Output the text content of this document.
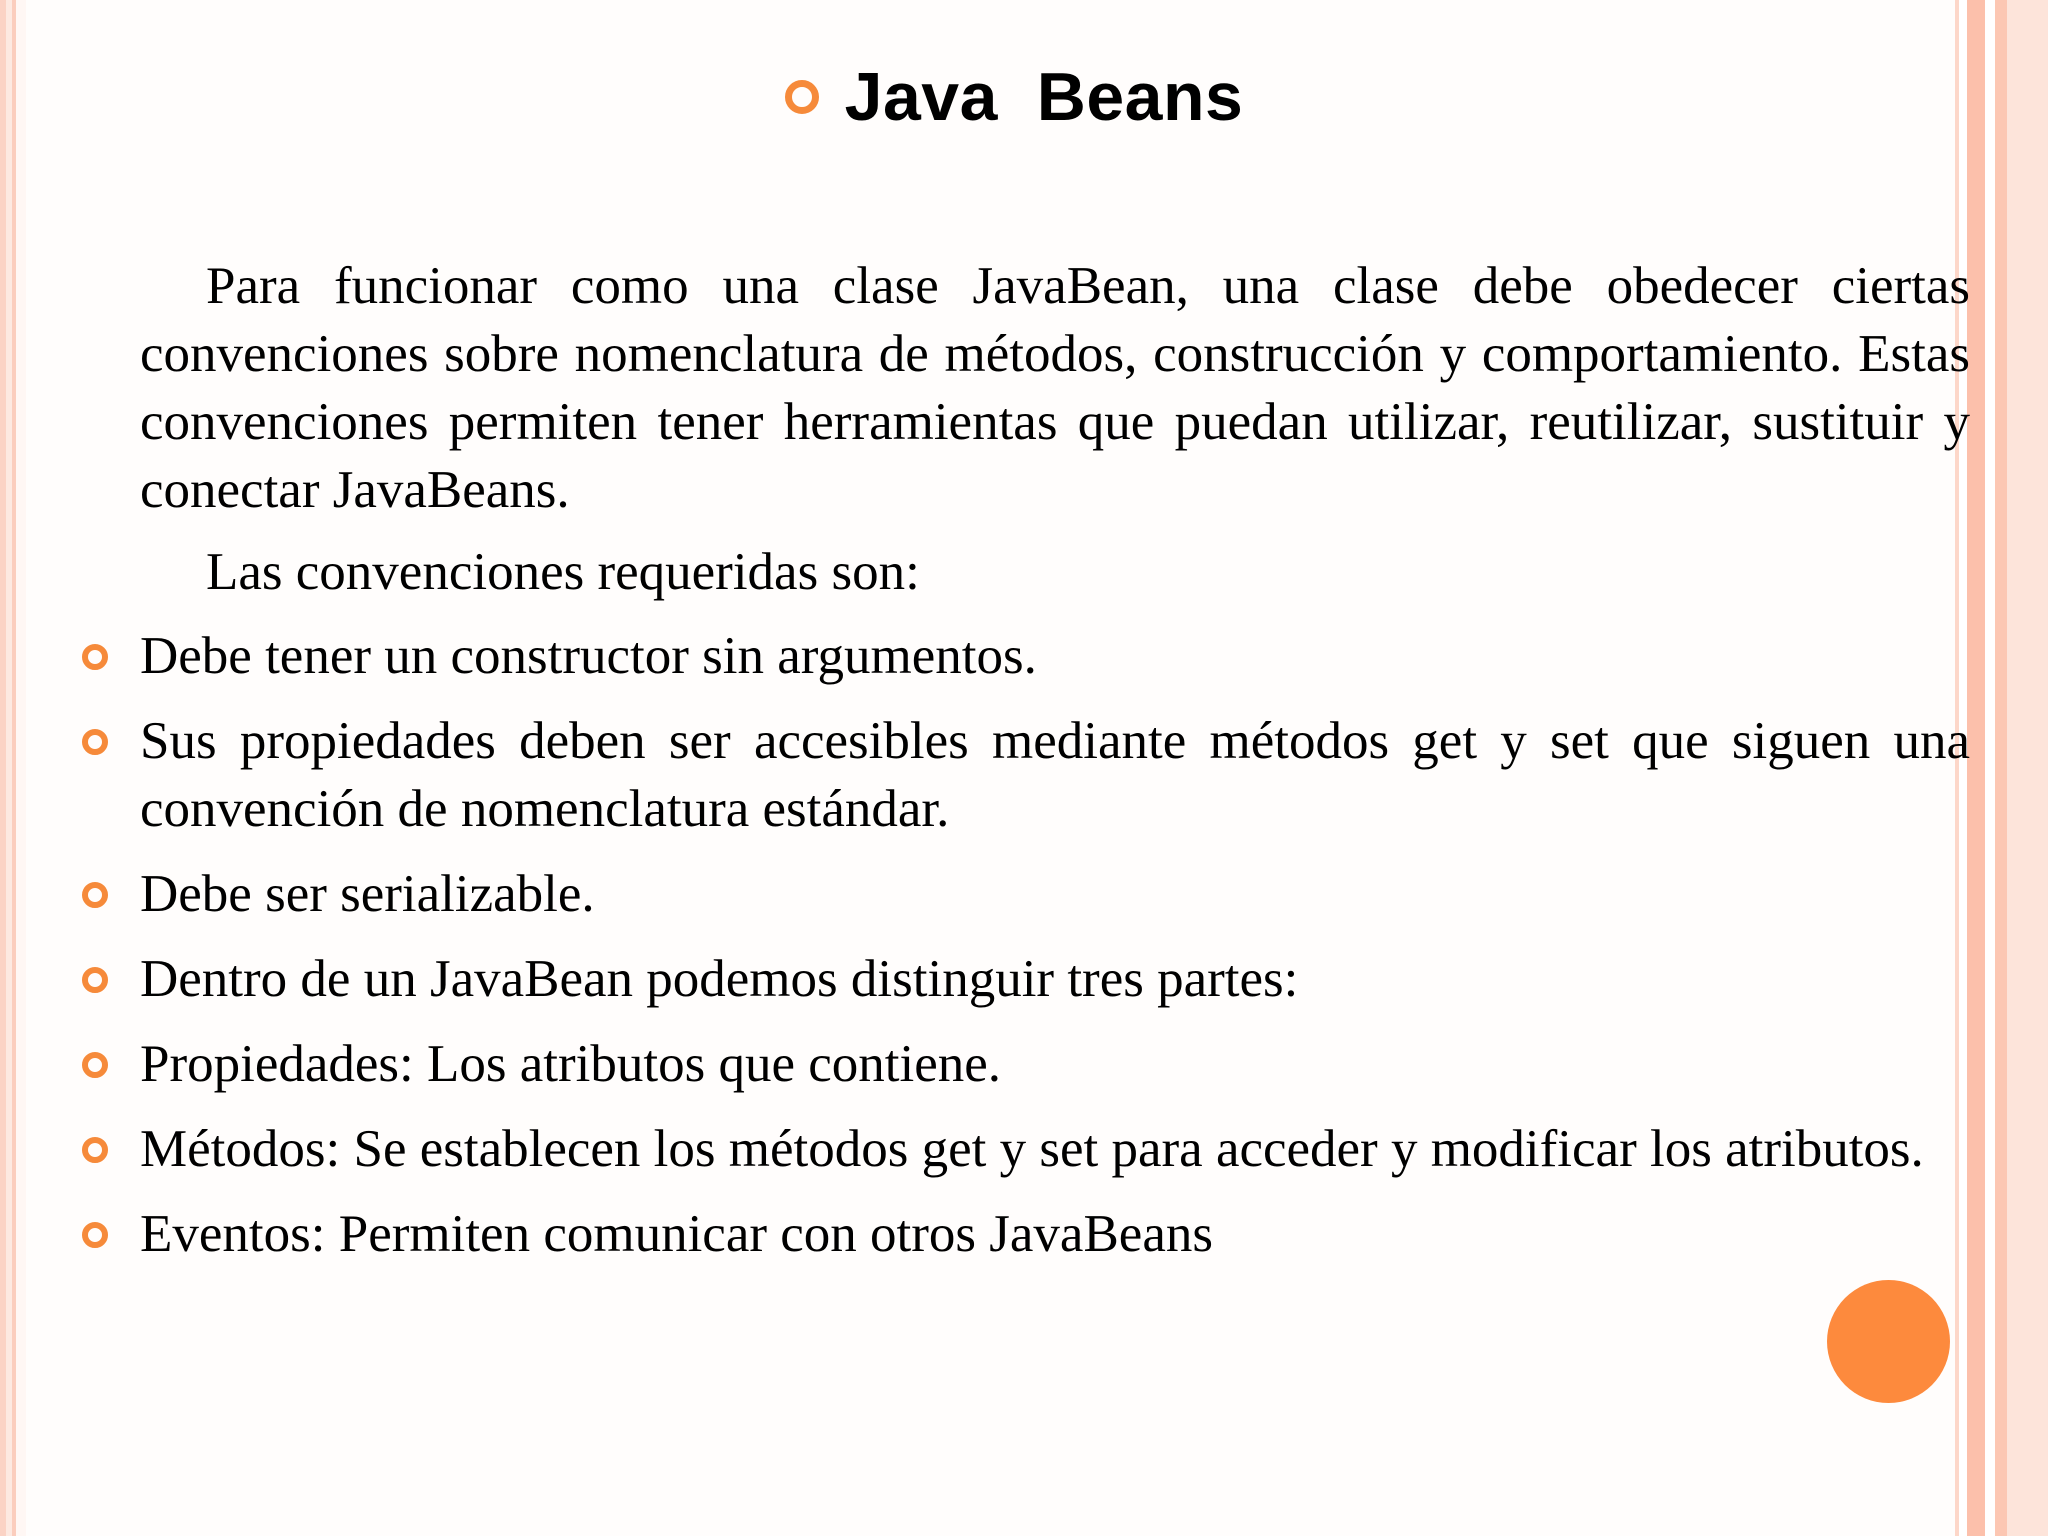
Java  Beans

Para funcionar como una clase JavaBean, una clase debe obedecer ciertas convenciones sobre nomenclatura de métodos, construcción y comportamiento. Estas convenciones permiten tener herramientas que puedan utilizar, reutilizar, sustituir y conectar JavaBeans.

Las convenciones requeridas son:

Debe tener un constructor sin argumentos.
Sus propiedades deben ser accesibles mediante métodos get y set que siguen una convención de nomenclatura estándar.
Debe ser serializable.
Dentro de un JavaBean podemos distinguir tres partes:
Propiedades: Los atributos que contiene.
Métodos: Se establecen los métodos get y set para acceder y modificar los atributos.
Eventos: Permiten comunicar con otros JavaBeans
